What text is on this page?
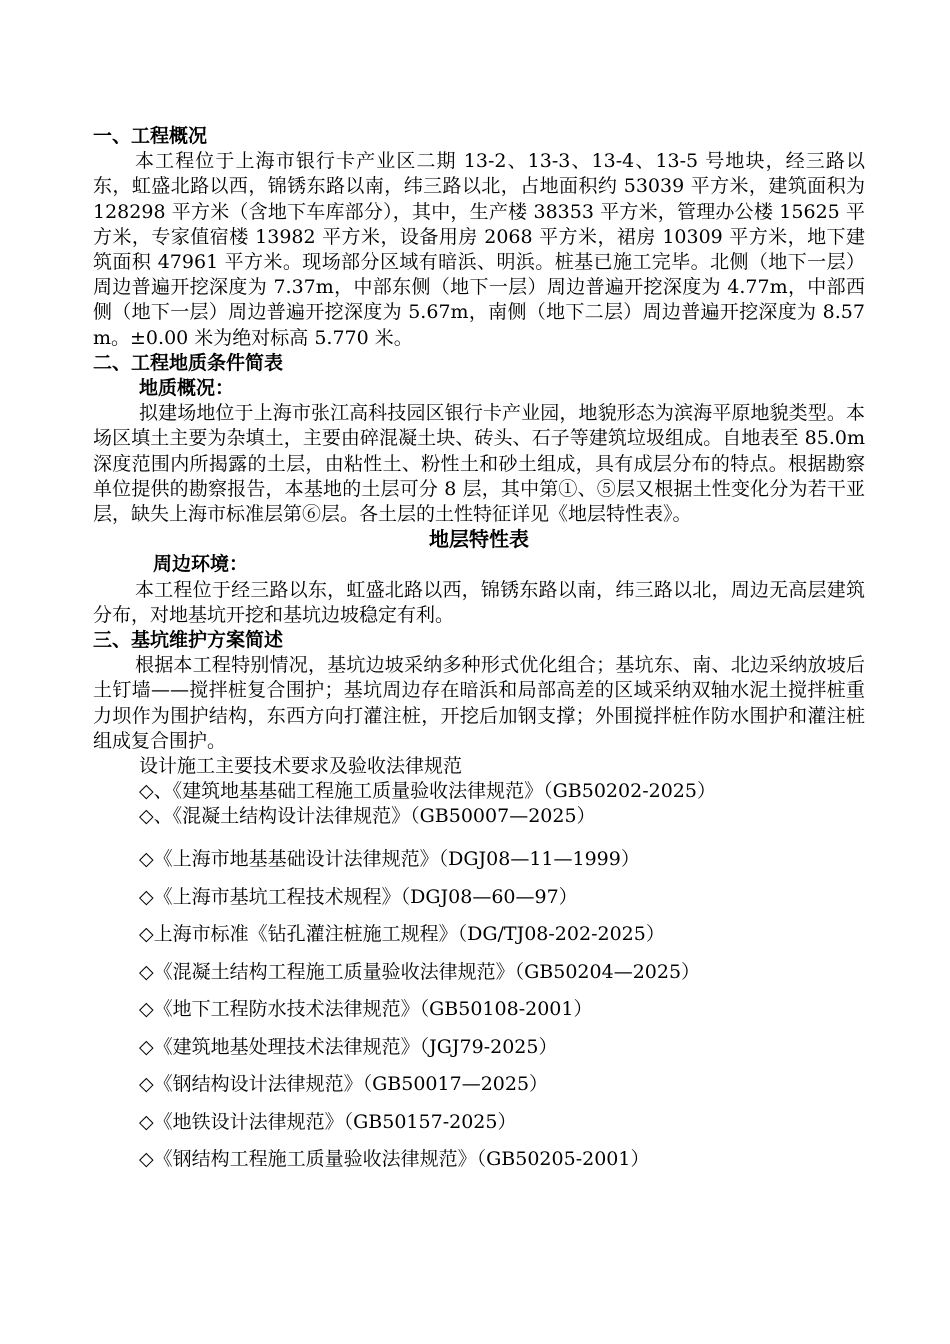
一、工程概况

本工程位于上海市银行卡产业区二期 13-2、13-3、13-4、13-5 号地块，经三路以东，虹盛北路以西，锦锈东路以南，纬三路以北，占地面积约 53039 平方米，建筑面积为 128298 平方米（含地下车库部分），其中，生产楼 38353 平方米，管理办公楼 15625 平方米，专家值宿楼 13982 平方米，设备用房 2068 平方米，裙房 10309 平方米，地下建筑面积 47961 平方米。现场部分区域有暗浜、明浜。桩基已施工完毕。北侧（地下一层）周边普遍开挖深度为 7.37m，中部东侧（地下一层）周边普遍开挖深度为 4.77m，中部西侧（地下一层）周边普遍开挖深度为 5.67m，南侧（地下二层）周边普遍开挖深度为 8.57m。±0.00 米为绝对标高 5.770 米。

二、工程地质条件简表
地质概况：

拟建场地位于上海市张江高科技园区银行卡产业园，地貌形态为滨海平原地貌类型。本场区填土主要为杂填土，主要由碎混凝土块、砖头、石子等建筑垃圾组成。自地表至 85.0m 深度范围内所揭露的土层，由粘性土、粉性土和砂土组成，具有成层分布的特点。根据勘察单位提供的勘察报告，本基地的土层可分 8 层，其中第①、⑤层又根据土性变化分为若干亚层，缺失上海市标准层第⑥层。各土层的土性特征详见《地层特性表》。

地层特性表
周边环境：

本工程位于经三路以东，虹盛北路以西，锦锈东路以南，纬三路以北，周边无高层建筑分布，对地基坑开挖和基坑边坡稳定有利。

三、基坑维护方案简述

根据本工程特别情况，基坑边坡采纳多种形式优化组合；基坑东、南、北边采纳放坡后土钉墙——搅拌桩复合围护；基坑周边存在暗浜和局部高差的区域采纳双轴水泥土搅拌桩重力坝作为围护结构，东西方向打灌注桩，开挖后加钢支撑；外围搅拌桩作防水围护和灌注桩组成复合围护。

设计施工主要技术要求及验收法律规范

◇、《建筑地基基础工程施工质量验收法律规范》（GB50202-2025）
◇、《混凝土结构设计法律规范》（GB50007—2025）
◇《上海市地基基础设计法律规范》（DGJ08—11—1999）
◇《上海市基坑工程技术规程》（DGJ08—60—97）
◇上海市标准《钻孔灌注桩施工规程》（DG/TJ08-202-2025）
◇《混凝土结构工程施工质量验收法律规范》（GB50204—2025）
◇《地下工程防水技术法律规范》（GB50108-2001）
◇《建筑地基处理技术法律规范》（JGJ79-2025）
◇《钢结构设计法律规范》（GB50017—2025）
◇《地铁设计法律规范》（GB50157-2025）
◇《钢结构工程施工质量验收法律规范》（GB50205-2001）
